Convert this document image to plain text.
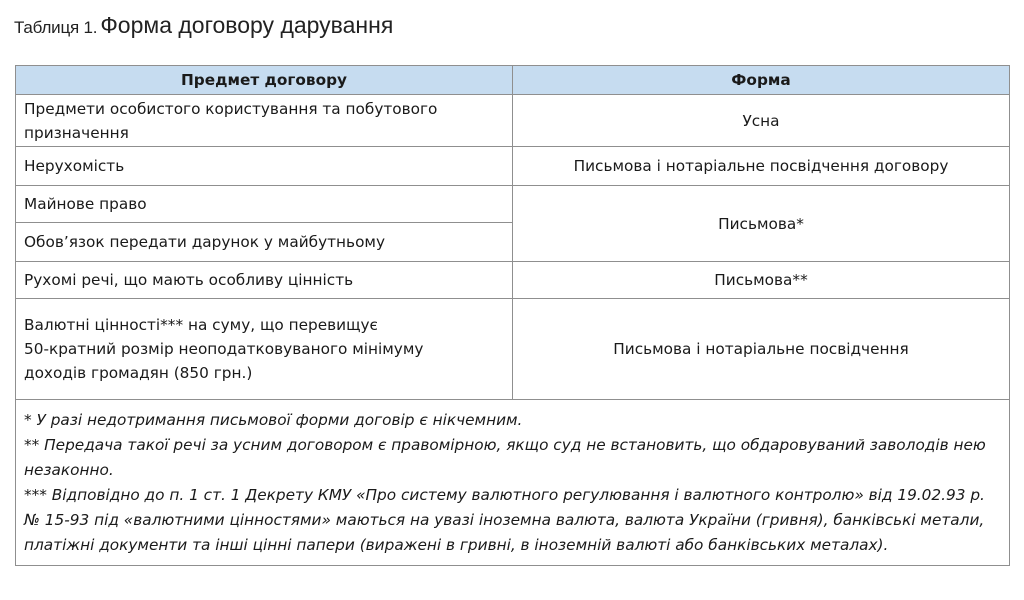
Таблиця 1. Форма договору дарування
Предмет договору	Форма

Предмети особистого користування та побутового
призначення	Усна
Нерухомість	Письмова і нотаріальне посвідчення договору
Майнове право	Письмова*
Обов’язок передати дарунок у майбутньому	
Рухомі речі, що мають особливу цінність	Письмова**

Валютні цінності*** на суму, що перевищує
50-кратний розмір неоподатковуваного мінімуму
доходів громадян (850 грн.)	Письмова і нотаріальне посвідчення

* У разі недотримання письмової форми договір є нікчемним.
** Передача такої речі за усним договором є правомірною, якщо суд не встановить, що обдаровуваний заволодів нею незаконно.
*** Відповідно до п. 1 ст. 1 Декрету КМУ «Про систему валютного регулювання і валютного контролю» від 19.02.93 р. № 15-93 під «валютними цінностями» маються на увазі іноземна валюта, валюта України (гривня), банківські метали, платіжні документи та інші цінні папери (виражені в гривні, в іноземній валюті або банківських металах).	
